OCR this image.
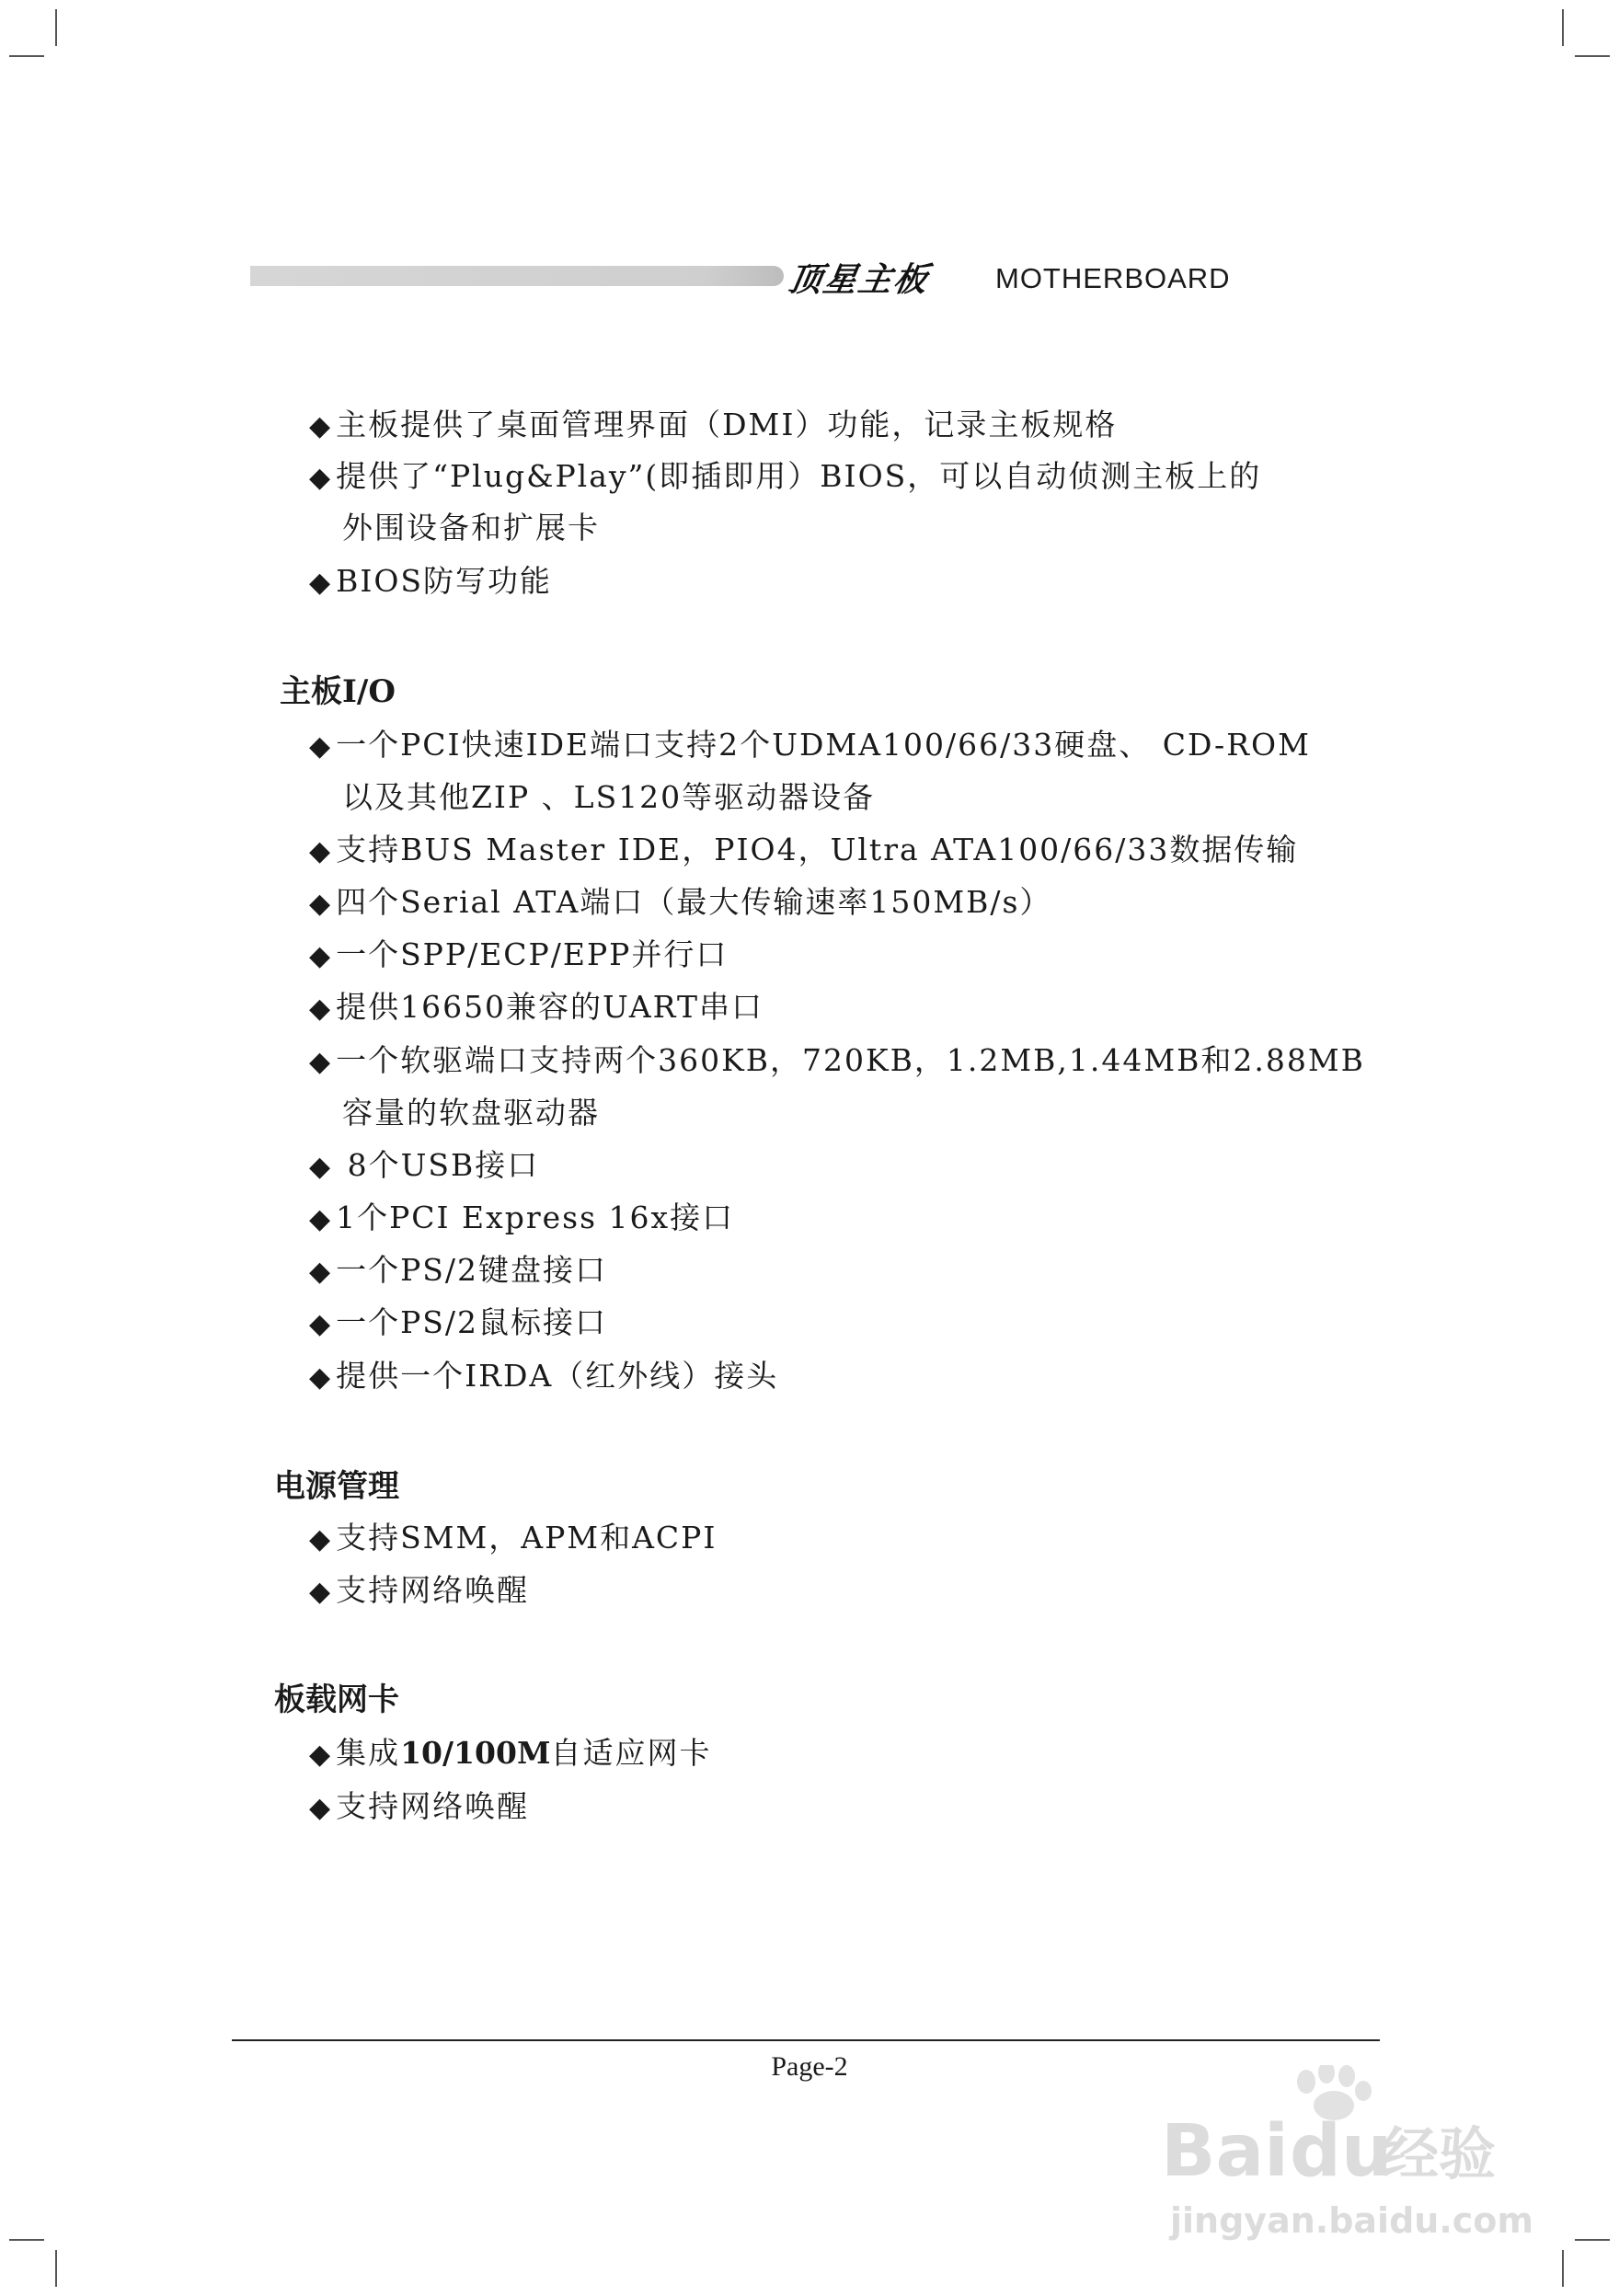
顶星主板 MOTHERBOARD
◆ 主板提供了桌面管理界面（DMI）功能，记录主板规格
◆ 提供了“Plug&Play”(即插即用）BIOS，可以自动侦测主板上的
外围设备和扩展卡
◆ BIOS防写功能
主板I/O
◆ 一个PCI快速IDE端口支持2个UDMA100/66/33硬盘、 CD-ROM
以及其他ZIP 、LS120等驱动器设备
◆ 支持BUS Master IDE，PIO4，Ultra ATA100/66/33数据传输
◆ 四个Serial ATA端口（最大传输速率150MB/s）
◆ 一个SPP/ECP/EPP并行口
◆ 提供16650兼容的UART串口
◆ 一个软驱端口支持两个360KB，720KB，1.2MB,1.44MB和2.88MB
容量的软盘驱动器
◆ 8个USB接口
◆ 1个PCI Express 16x接口
◆ 一个PS/2键盘接口
◆ 一个PS/2鼠标接口
◆ 提供一个IRDA（红外线）接头
电源管理
◆ 支持SMM，APM和ACPI
◆ 支持网络唤醒
板载网卡
◆ 集成10/100M自适应网卡
◆ 支持网络唤醒
Page-2
Bai du
经验
jingyan.baidu.com
